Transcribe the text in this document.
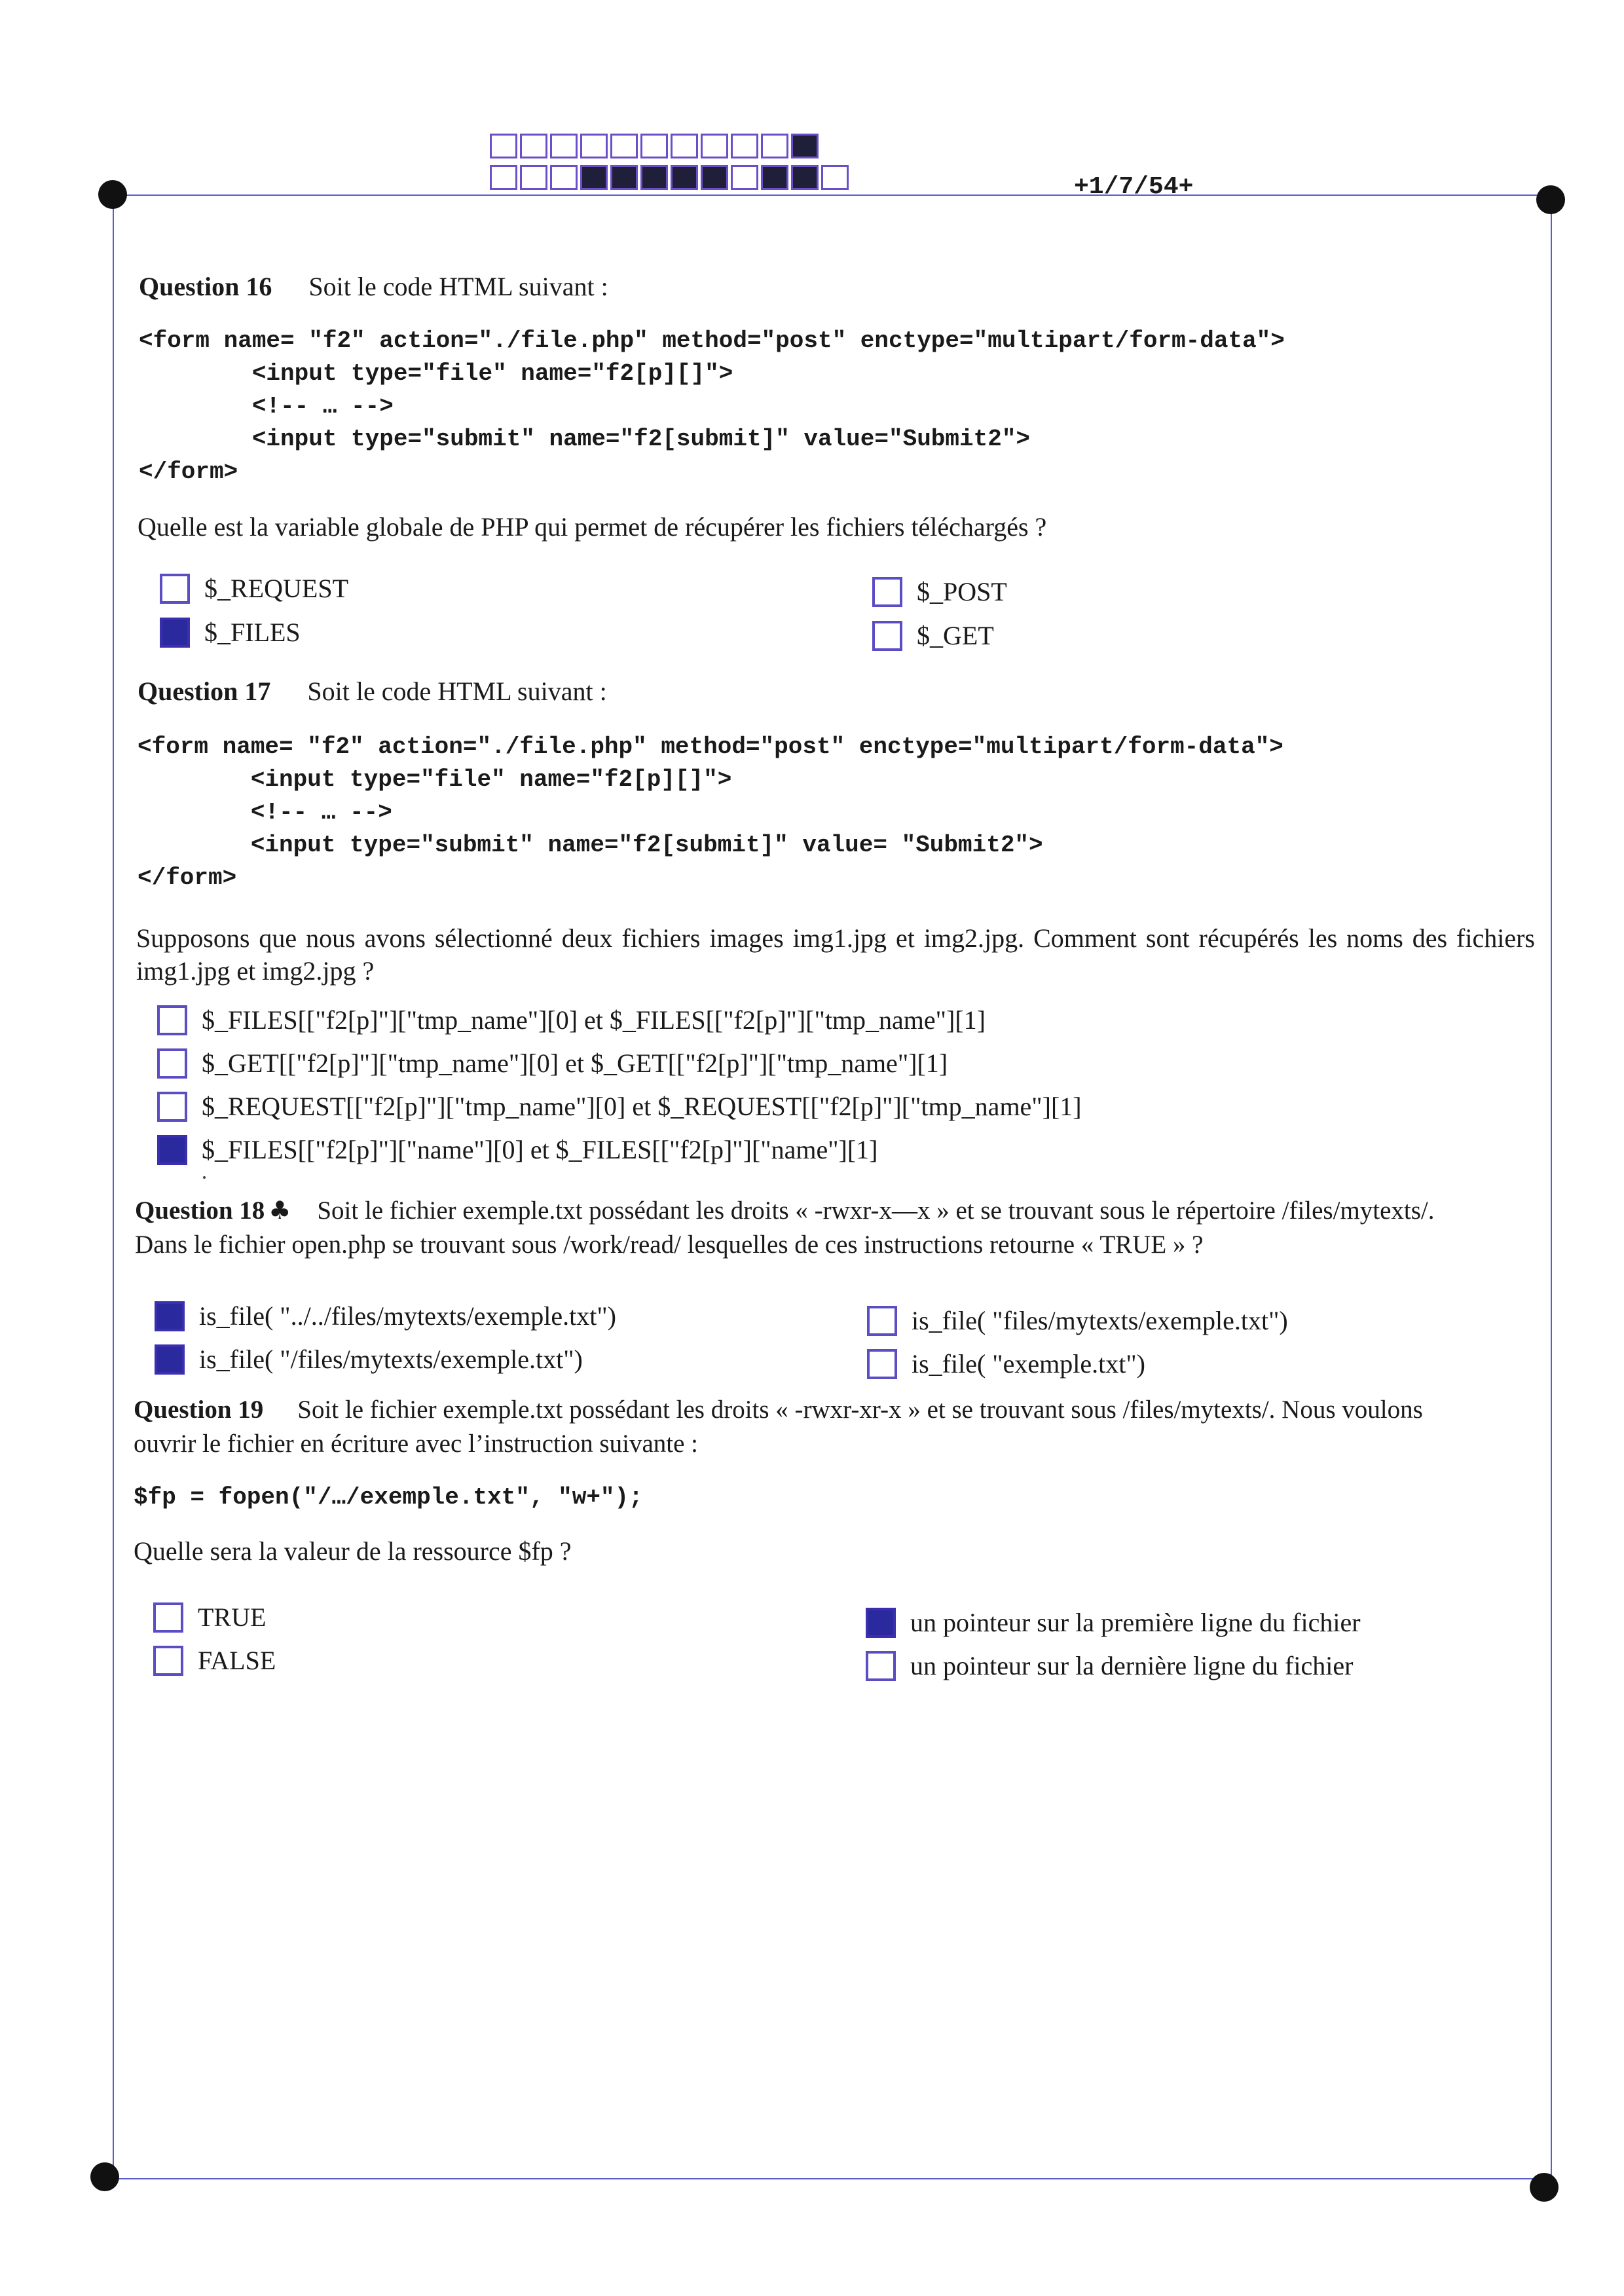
+1/7/54+
Question 16 Soit le code HTML suivant :
<form name= "f2" action="./file.php" method="post" enctype="multipart/form-data">
<input type="file" name="f2[p][]">
<!-- … -->
<input type="submit" name="f2[submit]" value="Submit2">
</form>
Quelle est la variable globale de PHP qui permet de récupérer les fichiers téléchargés ?
$_REQUEST
$_FILES
$_POST
$_GET
Question 17 Soit le code HTML suivant :
<form name= "f2" action="./file.php" method="post" enctype="multipart/form-data">
<input type="file" name="f2[p][]">
<!-- … -->
<input type="submit" name="f2[submit]" value= "Submit2">
</form>
Supposons que nous avons sélectionné deux fichiers images img1.jpg et img2.jpg. Comment sont récupérés les noms des fichiers img1.jpg et img2.jpg ?
$_FILES[["f2[p]"]["tmp_name"][0] et $_FILES[["f2[p]"]["tmp_name"][1]
$_GET[["f2[p]"]["tmp_name"][0] et $_GET[["f2[p]"]["tmp_name"][1]
$_REQUEST[["f2[p]"]["tmp_name"][0] et $_REQUEST[["f2[p]"]["tmp_name"][1]
$_FILES[["f2[p]"]["name"][0] et $_FILES[["f2[p]"]["name"][1]
Question 18 ♣ Soit le fichier exemple.txt possédant les droits « -rwxr-x—x » et se trouvant sous le répertoire /files/mytexts/.
Dans le fichier open.php se trouvant sous /work/read/ lesquelles de ces instructions retourne « TRUE » ?
is_file( "../../files/mytexts/exemple.txt")
is_file( "/files/mytexts/exemple.txt")
is_file( "files/mytexts/exemple.txt")
is_file( "exemple.txt")
Question 19 Soit le fichier exemple.txt possédant les droits « -rwxr-xr-x » et se trouvant sous /files/mytexts/. Nous voulons
ouvrir le fichier en écriture avec l’instruction suivante :
$fp = fopen("/…/exemple.txt", "w+");
Quelle sera la valeur de la ressource $fp ?
TRUE
FALSE
un pointeur sur la première ligne du fichier
un pointeur sur la dernière ligne du fichier
